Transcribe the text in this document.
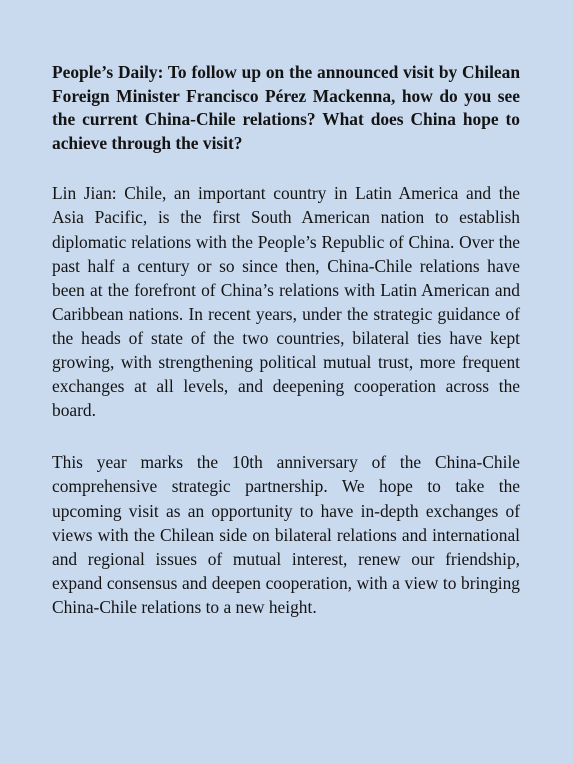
People’s Daily: To follow up on the announced visit by Chilean Foreign Minister Francisco Pérez Mackenna, how do you see the current China-Chile relations? What does China hope to achieve through the visit?

Lin Jian: Chile, an important country in Latin America and the Asia Pacific, is the first South American nation to establish diplomatic relations with the People’s Republic of China. Over the past half a century or so since then, China-Chile relations have been at the forefront of China’s relations with Latin American and Caribbean nations. In recent years, under the strategic guidance of the heads of state of the two countries, bilateral ties have kept growing, with strengthening political mutual trust, more frequent exchanges at all levels, and deepening cooperation across the board.

This year marks the 10th anniversary of the China-Chile comprehensive strategic partnership. We hope to take the upcoming visit as an opportunity to have in-depth exchanges of views with the Chilean side on bilateral relations and international and regional issues of mutual interest, renew our friendship, expand consensus and deepen cooperation, with a view to bringing China-Chile relations to a new height.
